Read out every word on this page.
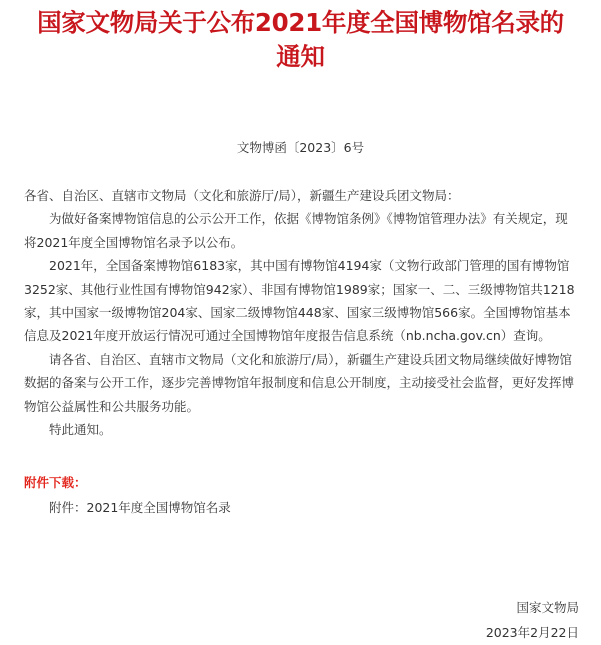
国家文物局关于公布2021年度全国博物馆名录的
通知
文物博函〔2023〕6号

各省、自治区、直辖市文物局（文化和旅游厅/局），新疆生产建设兵团文物局：

为做好备案博物馆信息的公示公开工作，依据《博物馆条例》《博物馆管理办法》有关规定，现将2021年度全国博物馆名录予以公布。

2021年，全国备案博物馆6183家，其中国有博物馆4194家（文物行政部门管理的国有博物馆3252家、其他行业性国有博物馆942家）、非国有博物馆1989家；国家一、二、三级博物馆共1218家，其中国家一级博物馆204家、国家二级博物馆448家、国家三级博物馆566家。全国博物馆基本信息及2021年度开放运行情况可通过全国博物馆年度报告信息系统（nb.ncha.gov.cn）查询。

请各省、自治区、直辖市文物局（文化和旅游厅/局），新疆生产建设兵团文物局继续做好博物馆数据的备案与公开工作，逐步完善博物馆年报制度和信息公开制度，主动接受社会监督，更好发挥博物馆公益属性和公共服务功能。

特此通知。

附件下载：
附件：2021年度全国博物馆名录
国家文物局
2023年2月22日
